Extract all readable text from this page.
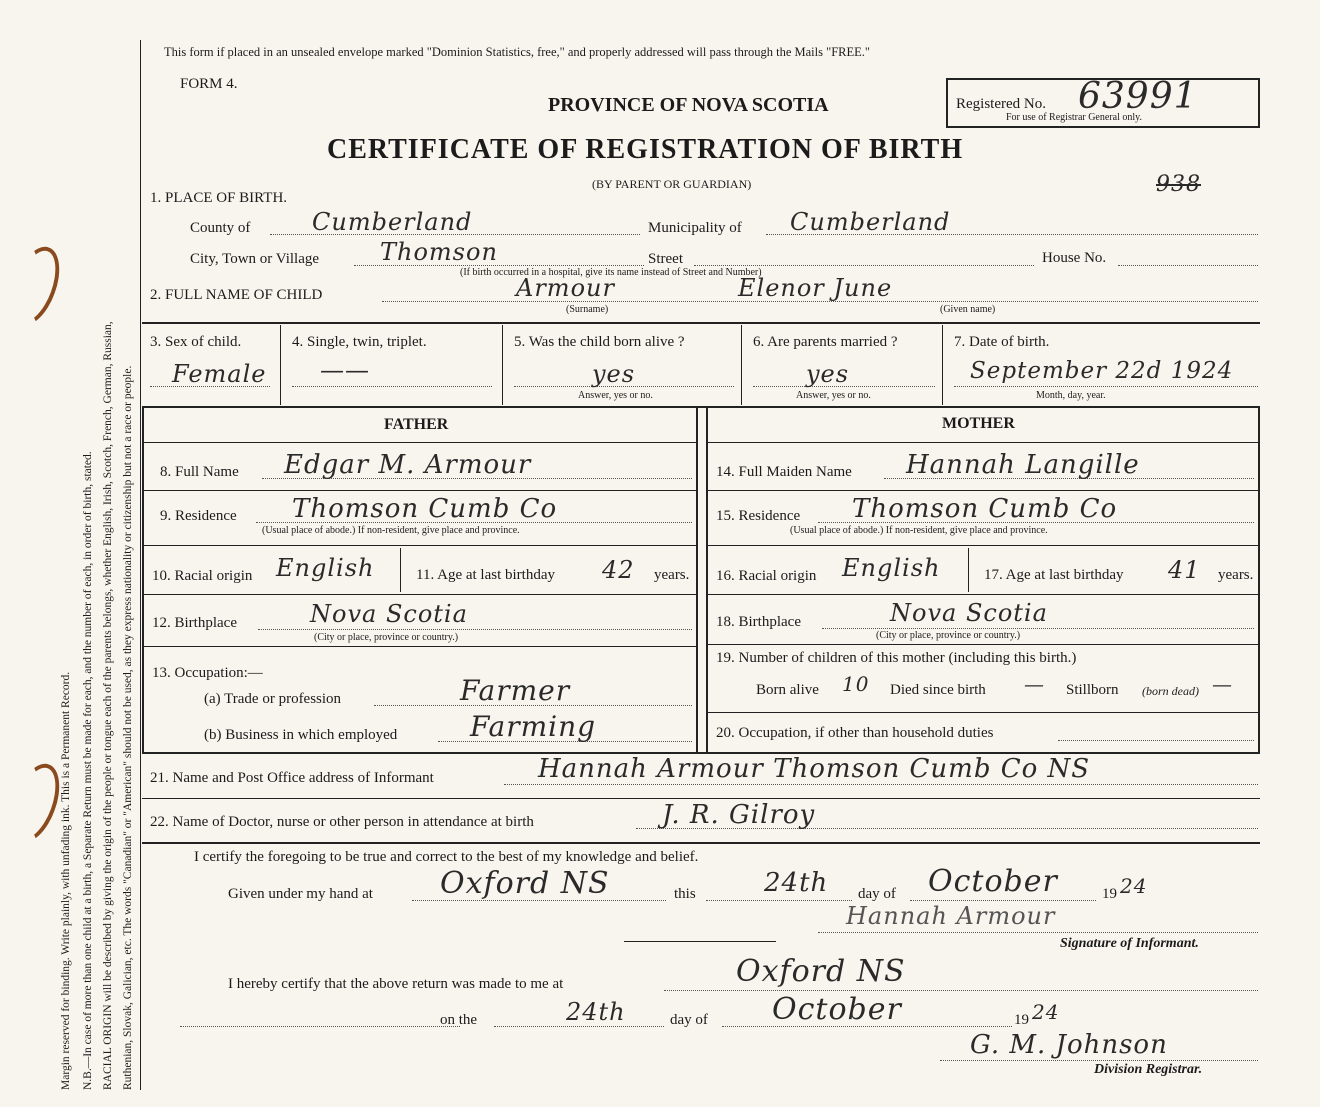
Margin reserved for binding. Write plainly, with unfading ink. This is a Permanent Record. N.B.—In case of more than one child at a birth, a Separate Return must be made for each, and the number of each, in order of birth, stated. RACIAL ORIGIN will be described by giving the origin of the people or tongue each of the parents belongs, whether English, Irish, Scotch, French, German, Russian, Ruthenian, Slovak, Galician, etc. The words "Canadian" or "American" should not be used, as they express nationality or citizenship but not a race or people.
This form if placed in an unsealed envelope marked "Dominion Statistics, free," and properly addressed will pass through the Mails "FREE."
FORM 4.
PROVINCE OF NOVA SCOTIA	Registered No. 63991
For use of Registrar General only.
CERTIFICATE OF REGISTRATION OF BIRTH
(BY PARENT OR GUARDIAN)	938
1. PLACE OF BIRTH.
County of	Cumberland	Municipality of Cumberland
City, Town or Village	Thomson	Street	House No.
(If birth occurred in a hospital, give its name instead of Street and Number)
2. FULL NAME OF CHILD	Armour	Elenor June
(Surname)	(Given name)
3. Sex of child.
Female
4. Single, twin, triplet.
——
5. Was the child born alive ?
yes
Answer, yes or no.
6. Are parents married ?
yes
Answer, yes or no.
7. Date of birth.
September 22d 1924
Month, day, year.
FATHER	MOTHER
8. Full Name Edgar M. Armour
9. Residence Thomson Cumb Co
(Usual place of abode.) If non-resident, give place and province.
10. Racial origin English	11. Age at last birthday 42 years.
12. Birthplace	Nova Scotia
(City or place, province or country.)
13. Occupation:—
(a) Trade or profession	Farmer
(b) Business in which employed	Farming
14. Full Maiden Name Hannah Langille
15. Residence Thomson Cumb Co
(Usual place of abode.) If non-resident, give place and province.
16. Racial origin English	17. Age at last birthday 41 years.
18. Birthplace	Nova Scotia
(City or place, province or country.)
19. Number of children of this mother (including this birth.)
Born alive 10 Died since birth — Stillborn (born dead) —
20. Occupation, if other than household duties
21. Name and Post Office address of Informant	Hannah Armour Thomson Cumb Co NS
22. Name of Doctor, nurse or other person in attendance at birth	J. R. Gilroy
I certify the foregoing to be true and correct to the best of my knowledge and belief.
Given under my hand at Oxford NS	this	24th day of October	19 24
Hannah Armour
Signature of Informant.
I hereby certify that the above return was made to me at	Oxford NS
on the	24th	day of October	19 24
G. M. Johnson
Division Registrar.
